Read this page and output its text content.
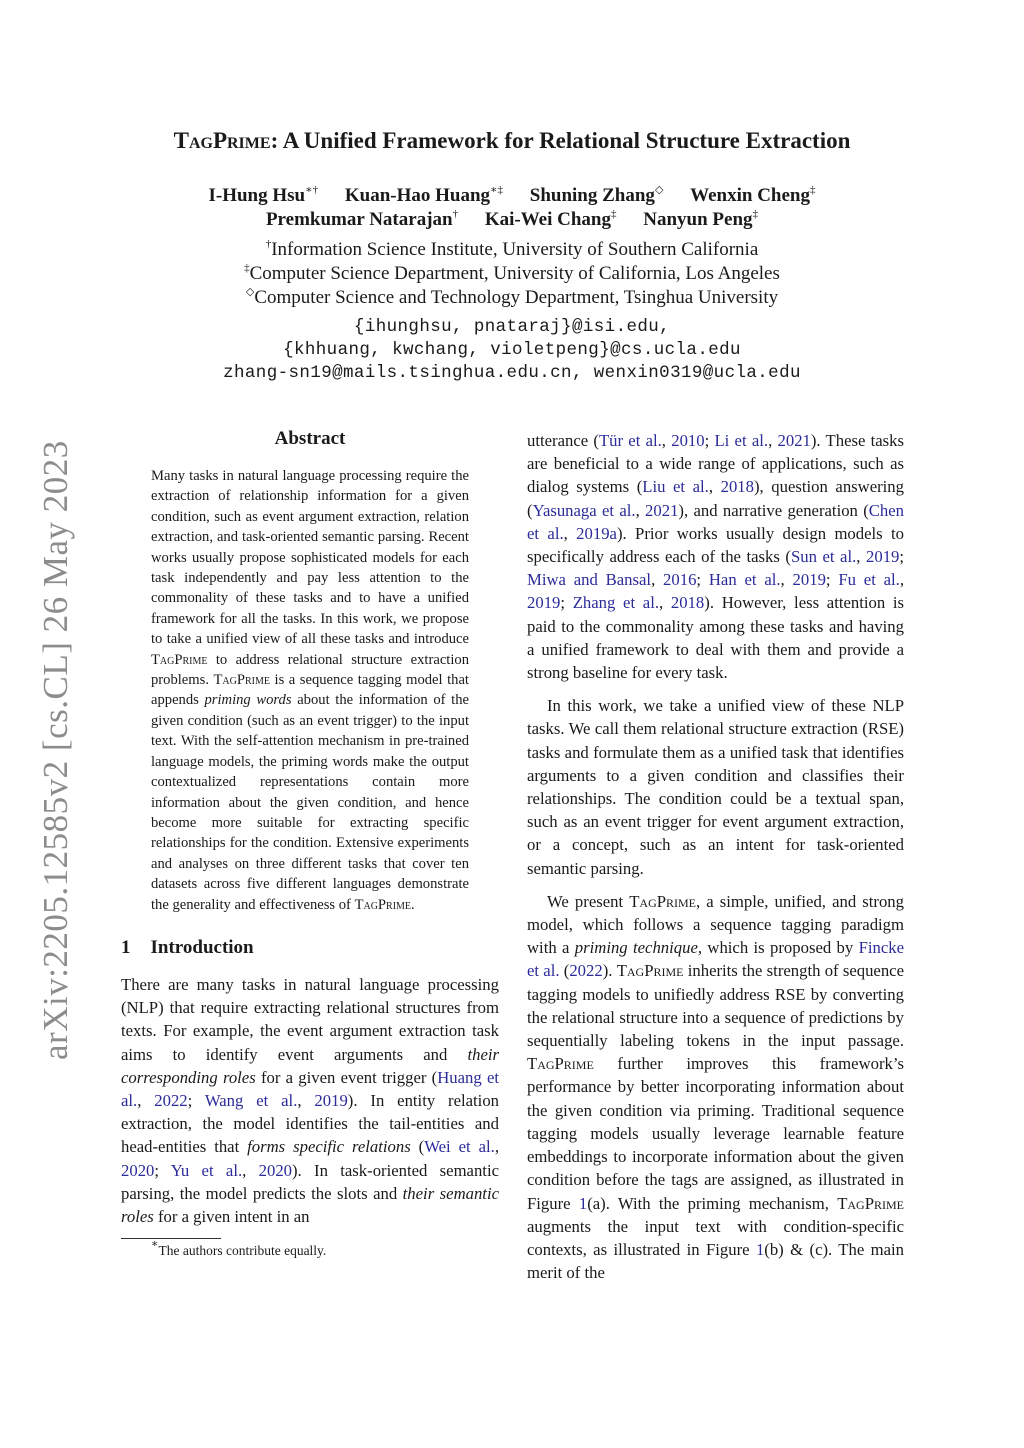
arXiv:2205.12585v2 [cs.CL] 26 May 2023
TagPrime: A Unified Framework for Relational Structure Extraction
I-Hung Hsu∗† Kuan-Hao Huang∗‡ Shuning Zhang◇ Wenxin Cheng‡
Premkumar Natarajan† Kai-Wei Chang‡ Nanyun Peng‡
†Information Science Institute, University of Southern California
‡Computer Science Department, University of California, Los Angeles
◇Computer Science and Technology Department, Tsinghua University
{ihunghsu, pnataraj}@isi.edu,
{khhuang, kwchang, violetpeng}@cs.ucla.edu
zhang-sn19@mails.tsinghua.edu.cn, wenxin0319@ucla.edu
Abstract
Many tasks in natural language processing require the extraction of relationship information for a given condition, such as event argument extraction, relation extraction, and task-oriented semantic parsing. Recent works usually propose sophisticated models for each task independently and pay less attention to the commonality of these tasks and to have a unified framework for all the tasks. In this work, we propose to take a unified view of all these tasks and introduce TagPrime to address relational structure extraction problems. TagPrime is a sequence tagging model that appends priming words about the information of the given condition (such as an event trigger) to the input text. With the self-attention mechanism in pre-trained language models, the priming words make the output contextualized representations contain more information about the given condition, and hence become more suitable for extracting specific relationships for the condition. Extensive experiments and analyses on three different tasks that cover ten datasets across five different languages demonstrate the generality and effectiveness of TagPrime.
1 Introduction
There are many tasks in natural language processing (NLP) that require extracting relational structures from texts. For example, the event argument extraction task aims to identify event arguments and their corresponding roles for a given event trigger (Huang et al., 2022; Wang et al., 2019). In entity relation extraction, the model identifies the tail-entities and head-entities that forms specific relations (Wei et al., 2020; Yu et al., 2020). In task-oriented semantic parsing, the model predicts the slots and their semantic roles for a given intent in an
∗The authors contribute equally.

utterance (Tür et al., 2010; Li et al., 2021). These tasks are beneficial to a wide range of applications, such as dialog systems (Liu et al., 2018), question answering (Yasunaga et al., 2021), and narrative generation (Chen et al., 2019a). Prior works usually design models to specifically address each of the tasks (Sun et al., 2019; Miwa and Bansal, 2016; Han et al., 2019; Fu et al., 2019; Zhang et al., 2018). However, less attention is paid to the commonality among these tasks and having a unified framework to deal with them and provide a strong baseline for every task.

In this work, we take a unified view of these NLP tasks. We call them relational structure extraction (RSE) tasks and formulate them as a unified task that identifies arguments to a given condition and classifies their relationships. The condition could be a textual span, such as an event trigger for event argument extraction, or a concept, such as an intent for task-oriented semantic parsing.

We present TagPrime, a simple, unified, and strong model, which follows a sequence tagging paradigm with a priming technique, which is proposed by Fincke et al. (2022). TagPrime inherits the strength of sequence tagging models to unifiedly address RSE by converting the relational structure into a sequence of predictions by sequentially labeling tokens in the input passage. TagPrime further improves this framework’s performance by better incorporating information about the given condition via priming. Traditional sequence tagging models usually leverage learnable feature embeddings to incorporate information about the given condition before the tags are assigned, as illustrated in Figure 1(a). With the priming mechanism, TagPrime augments the input text with condition-specific contexts, as illustrated in Figure 1(b) & (c). The main merit of the
